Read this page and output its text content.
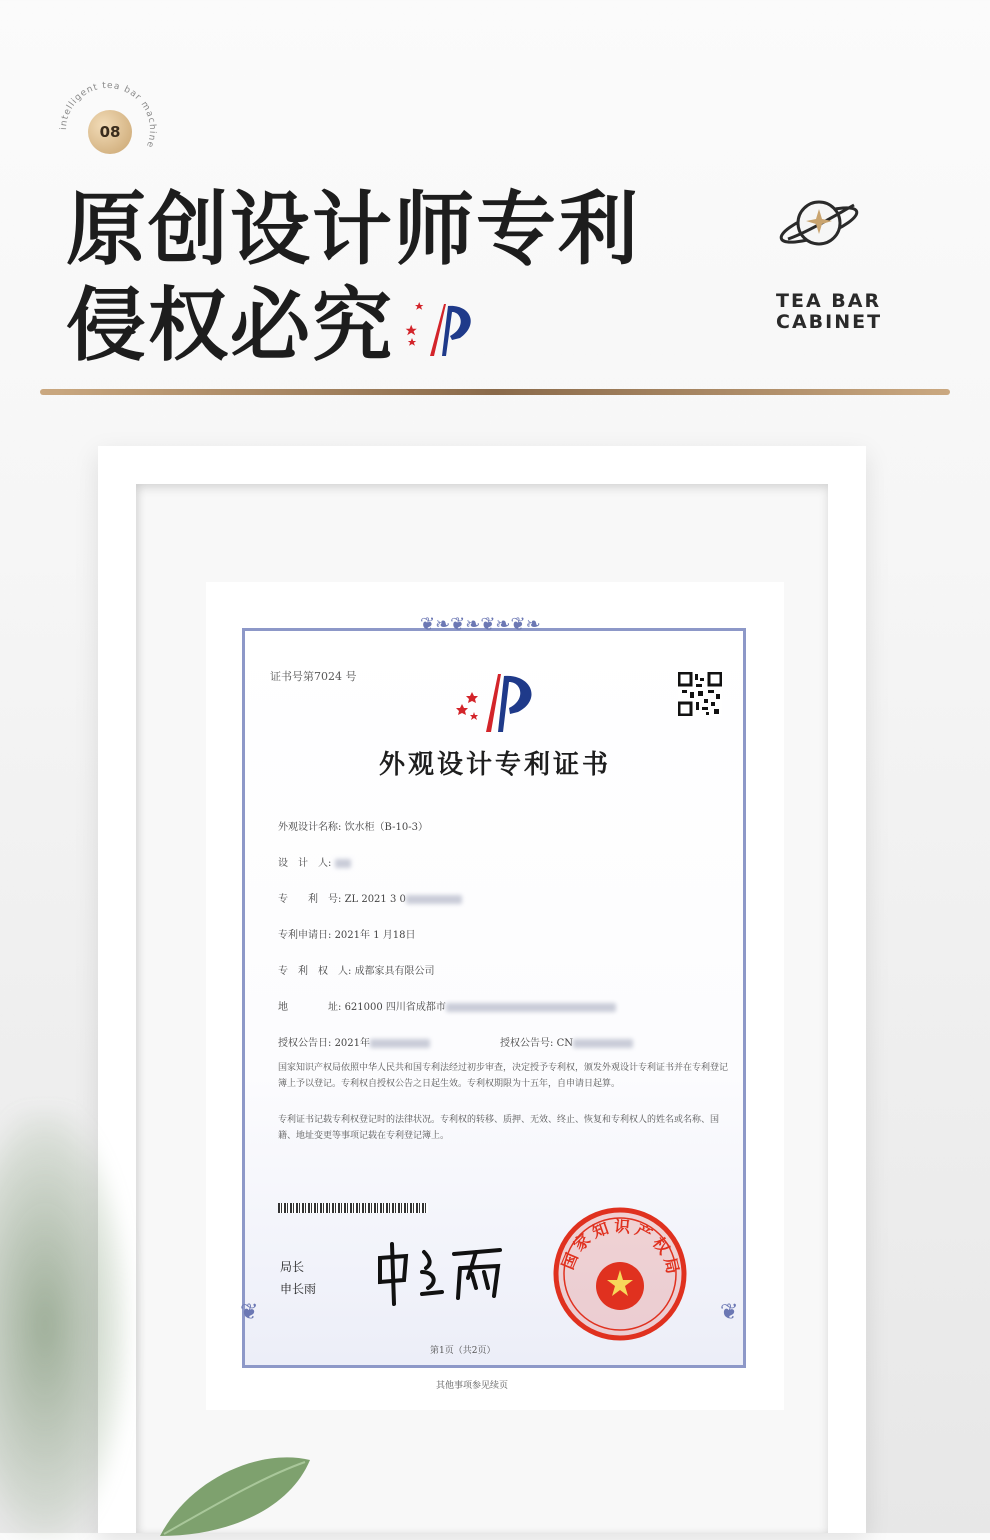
intelligent tea bar machine
08
原创设计师专利
侵权必究	TEA BAR
CABINET
❦❧❦❧❦❧❦❧
❦	❦
证书号第7024 号
外观设计专利证书
外观设计名称: 饮水柜（B-10-3）
设　计　人:
专　　利　号: ZL 2021 3 0
专利申请日: 2021年 1 月18日
专　利　权　人: 成都家具有限公司
地　　　　址: 621000 四川省成都市
授权公告日: 2021年	授权公告号: CN
国家知识产权局依照中华人民共和国专利法经过初步审查，决定授予专利权，颁发外观设计专利证书并在专利登记簿上予以登记。专利权自授权公告之日起生效。专利权期限为十五年，自申请日起算。
专利证书记载专利权登记时的法律状况。专利权的转移、质押、无效、终止、恢复和专利权人的姓名或名称、国籍、地址变更等事项记载在专利登记簿上。
局长
申长雨
国家知识产权局
第1页（共2页）
其他事项参见续页
